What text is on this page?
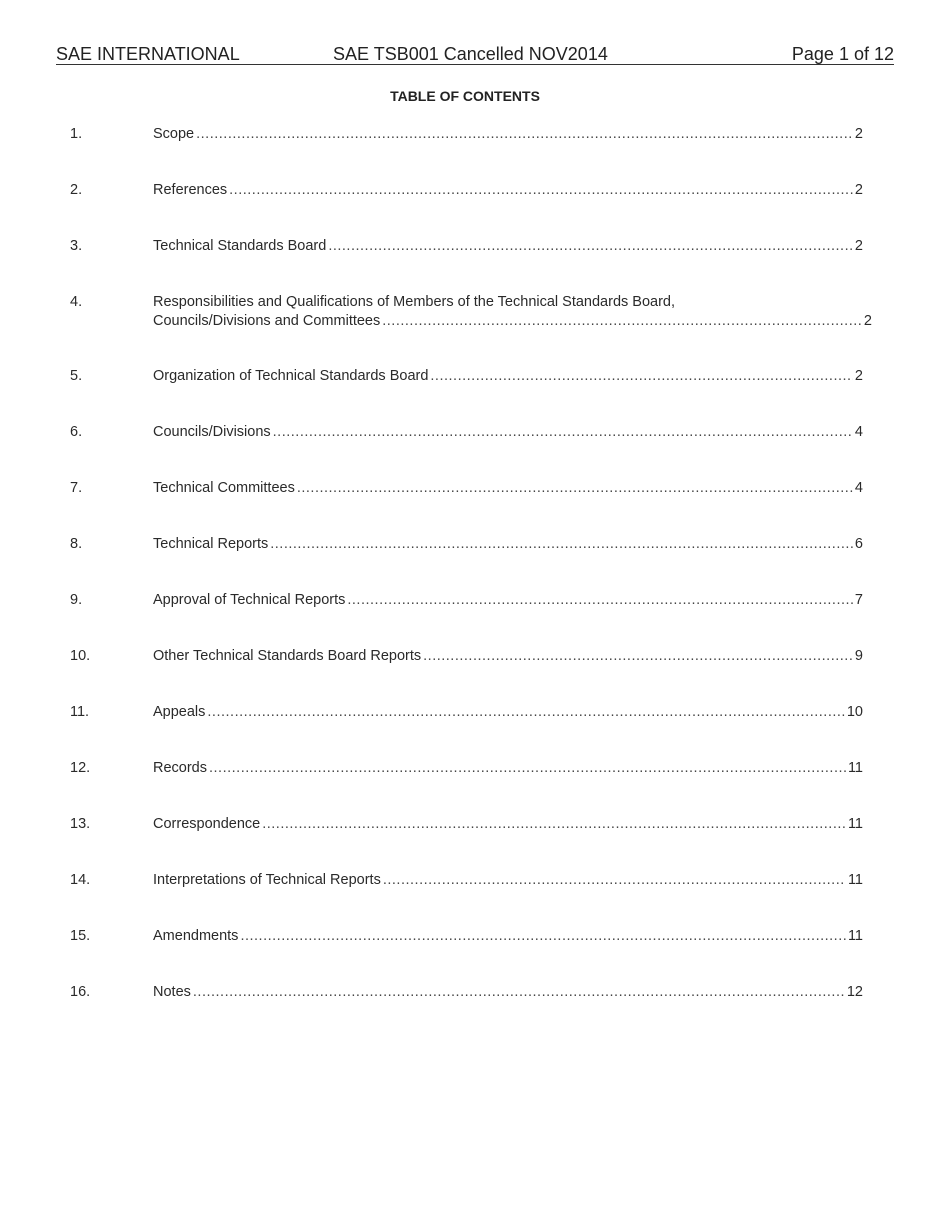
SAE INTERNATIONAL	SAE TSB001 Cancelled NOV2014	Page 1 of 12
TABLE OF CONTENTS
1.	Scope .....	2
2.	References .....	2
3.	Technical Standards Board .....	2
4.	Responsibilities and Qualifications of Members of the Technical Standards Board,
Councils/Divisions and Committees .....	2
5.	Organization of Technical Standards Board .....	2
6.	Councils/Divisions .....	4
7.	Technical Committees .....	4
8.	Technical Reports .....	6
9.	Approval of Technical Reports .....	7
10.	Other Technical Standards Board Reports .....	9
11.	Appeals .....	10
12.	Records .....	11
13.	Correspondence .....	11
14.	Interpretations of Technical Reports .....	11
15.	Amendments .....	11
16.	Notes .....	12
